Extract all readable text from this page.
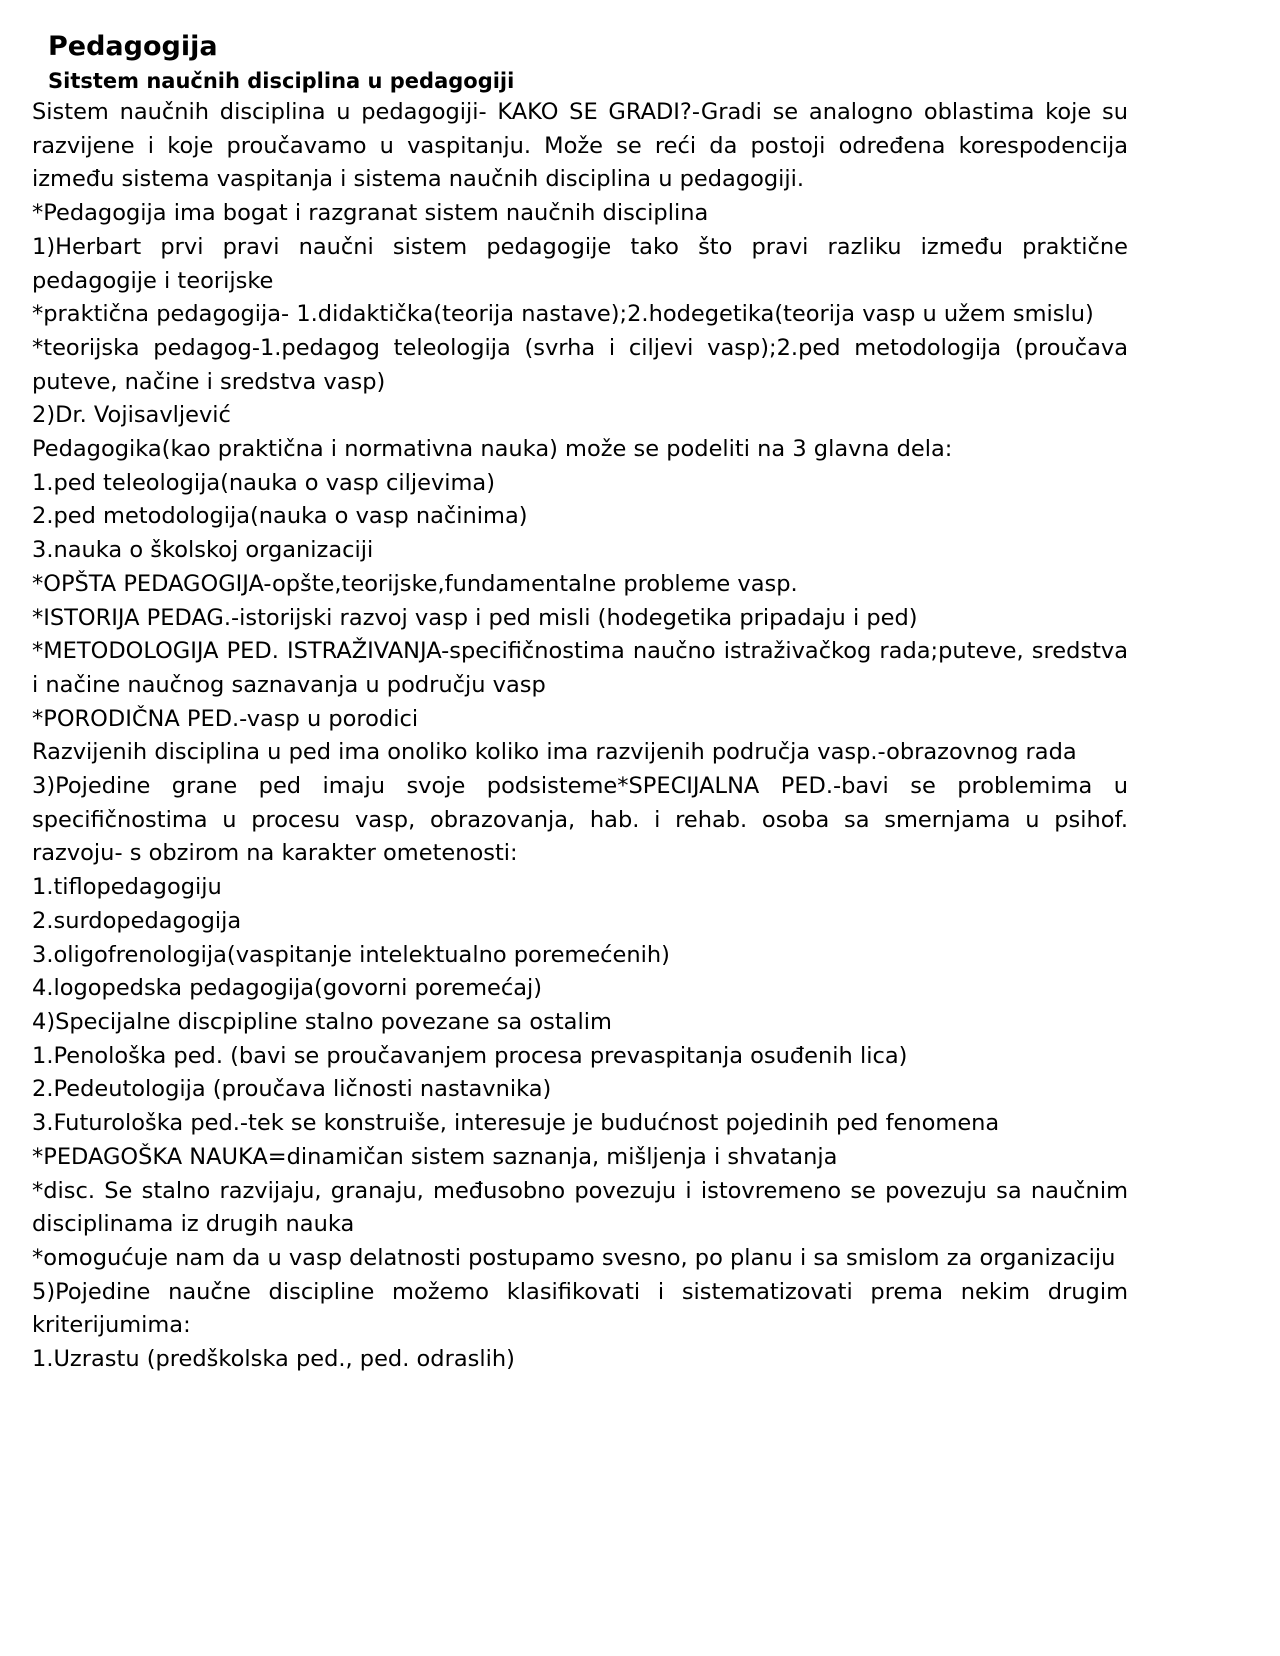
Pedagogija
Sitstem naučnih disciplina u pedagogiji

Sistem naučnih disciplina u pedagogiji- KAKO SE GRADI?-Gradi se analogno oblastima koje su razvijene i koje proučavamo u vaspitanju. Može se reći da postoji određena korespodencija između sistema vaspitanja i sistema naučnih disciplina u pedagogiji.

*Pedagogija ima bogat i razgranat sistem naučnih disciplina

1)Herbart prvi pravi naučni sistem pedagogije tako što pravi razliku između praktične pedagogije i teorijske

*praktična pedagogija- 1.didaktička(teorija nastave);2.hodegetika(teorija vasp u užem smislu)

*teorijska pedagog-1.pedagog teleologija (svrha i ciljevi vasp);2.ped metodologija (proučava puteve, načine i sredstva vasp)

2)Dr. Vojisavljević

Pedagogika(kao praktična i normativna nauka) može se podeliti na 3 glavna dela:

1.ped teleologija(nauka o vasp ciljevima)

2.ped metodologija(nauka o vasp načinima)

3.nauka o školskoj organizaciji

*OPŠTA PEDAGOGIJA-opšte,teorijske,fundamentalne probleme vasp.

*ISTORIJA PEDAG.-istorijski razvoj vasp i ped misli (hodegetika pripadaju i ped)

*METODOLOGIJA PED. ISTRAŽIVANJA-specifičnostima naučno istraživačkog rada;puteve, sredstva i načine naučnog saznavanja u području vasp

*PORODIČNA PED.-vasp u porodici

Razvijenih disciplina u ped ima onoliko koliko ima razvijenih područja vasp.-obrazovnog rada

3)Pojedine grane ped imaju svoje podsisteme*SPECIJALNA PED.-bavi se problemima u specifičnostima u procesu vasp, obrazovanja, hab. i rehab. osoba sa smernjama u psihof. razvoju- s obzirom na karakter ometenosti:

1.tiflopedagogiju

2.surdopedagogija

3.oligofrenologija(vaspitanje intelektualno poremećenih)

4.logopedska pedagogija(govorni poremećaj)

4)Specijalne discpipline stalno povezane sa ostalim

1.Penološka ped. (bavi se proučavanjem procesa prevaspitanja osuđenih lica)

2.Pedeutologija (proučava ličnosti nastavnika)

3.Futurološka ped.-tek se konstruiše, interesuje je budućnost pojedinih ped fenomena

*PEDAGOŠKA NAUKA=dinamičan sistem saznanja, mišljenja i shvatanja

*disc. Se stalno razvijaju, granaju, međusobno povezuju i istovremeno se povezuju sa naučnim disciplinama iz drugih nauka

*omogućuje nam da u vasp delatnosti postupamo svesno, po planu i sa smislom za organizaciju

5)Pojedine naučne discipline možemo klasifikovati i sistematizovati prema nekim drugim kriterijumima:

1.Uzrastu (predškolska ped., ped. odraslih)
